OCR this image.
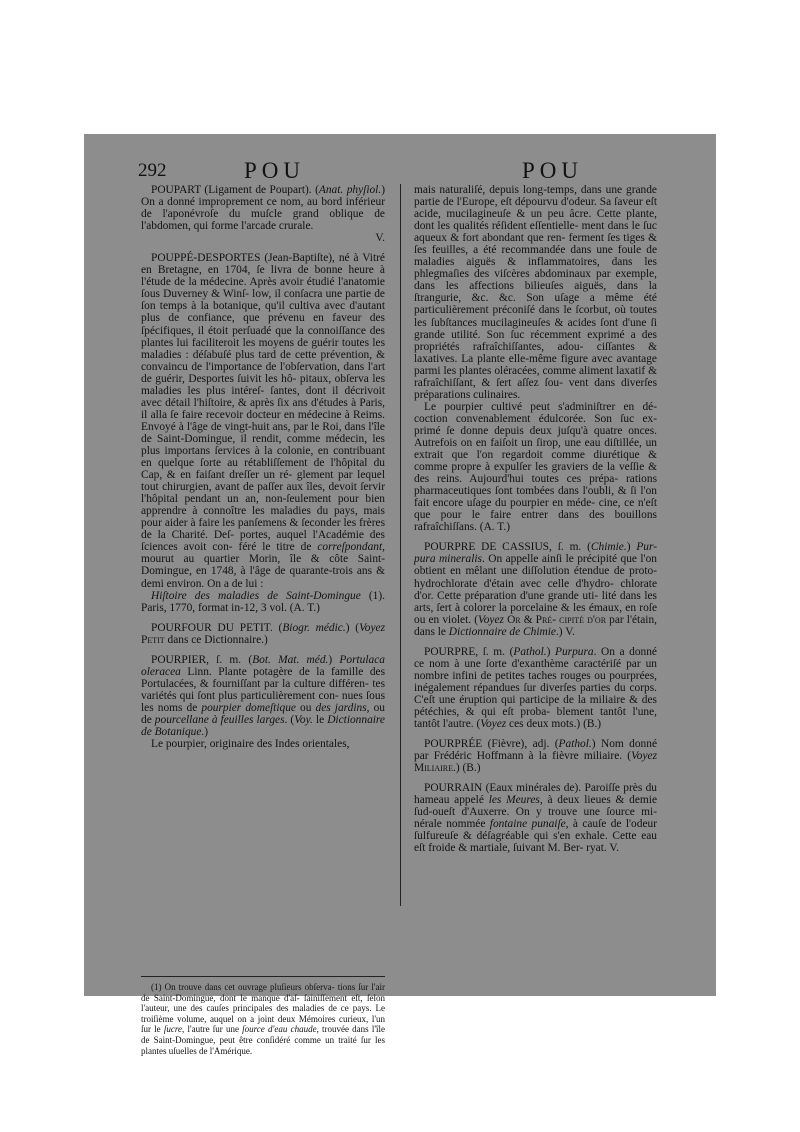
292	POU	POU

POUPART (Ligament de Poupart). (Anat. phyſiol.) On a donné improprement ce nom, au bord inférieur de l'aponévroſe du muſcle grand oblique de l'abdomen, qui forme l'arcade crurale.

V.

POUPPÉ-DESPORTES (Jean-Baptiſte), né à Vitré en Bretagne, en 1704, ſe livra de bonne heure à l'étude de la médecine. Après avoir étudié l'anatomie ſous Duverney & Winſ- low, il conſacra une partie de ſon temps à la botanique, qu'il cultiva avec d'autant plus de confiance, que prévenu en faveur des ſpécifiques, il étoit perſuadé que la connoiſſance des plantes lui faciliteroit les moyens de guérir toutes les maladies : déſabuſé plus tard de cette prévention, & convaincu de l'importance de l'obſervation, dans l'art de guérir, Desportes ſuivit les hô- pitaux, obſerva les maladies les plus intéreſ- ſantes, dont il décrivoit avec détail l'hiſtoire, & après ſix ans d'études à Paris, il alla ſe faire recevoir docteur en médecine à Reims. Envoyé à l'âge de vingt-huit ans, par le Roi, dans l'île de Saint-Domingue, il rendit, comme médecin, les plus importans ſervices à la colonie, en contribuant en quelque ſorte au rétabliſſement de l'hôpital du Cap, & en faiſant dreſſer un ré- glement par lequel tout chirurgien, avant de paſſer aux îles, devoit ſervir l'hôpital pendant un an, non-ſeulement pour bien apprendre à connoître les maladies du pays, mais pour aider à faire les panſemens & ſeconder les frères de la Charité. Deſ- portes, auquel l'Académie des ſciences avoit con- féré le titre de correſpondant, mourut au quartier Morin, île & côte Saint-Domingue, en 1748, à l'âge de quarante-trois ans & demi environ. On a de lui :

Hiſtoire des maladies de Saint-Domingue (1). Paris, 1770, format in-12, 3 vol. (A. T.)

POURFOUR DU PETIT. (Biogr. médic.) (Voyez Petit dans ce Dictionnaire.)

POURPIER, ſ. m. (Bot. Mat. méd.) Portulaca oleracea Linn. Plante potagère de la famille des Portulacées, & fourniſſant par la culture différen- tes variétés qui ſont plus particulièrement con- nues ſous les noms de pourpier domeſtique ou des jardins, ou de pourcellane à feuilles larges. (Voy. le Dictionnaire de Botanique.)

Le pourpier, originaire des Indes orientales,

(1) On trouve dans cet ouvrage pluſieurs obſerva- tions ſur l'air de Saint-Domingue, dont le manque d'aſ- ſainiſſement eſt, ſelon l'auteur, une des cauſes principales des maladies de ce pays. Le troiſième volume, auquel on a joint deux Mémoires curieux, l'un ſur le ſucre, l'autre ſur une ſource d'eau chaude, trouvée dans l'île de Saint-Domingue, peut être conſidéré comme un traité ſur les plantes uſuelles de l'Amérique.

mais naturaliſé, depuis long-temps, dans une grande partie de l'Europe, eſt dépourvu d'odeur. Sa ſaveur eſt acide, mucilagineuſe & un peu âcre. Cette plante, dont les qualités réſident eſſentielle- ment dans le ſuc aqueux & fort abondant que ren- ferment ſes tiges & ſes feuilles, a été recommandée dans une foule de maladies aiguës & inflammatoires, dans les phlegmaſies des viſcères abdominaux par exemple, dans les affections bilieuſes aiguës, dans la ſtrangurie, &c. &c. Son uſage a même été particulièrement préconiſé dans le ſcorbut, où toutes les ſubſtances mucilagineuſes & acides ſont d'une ſi grande utilité. Son ſuc récemment exprimé a des propriétés rafraîchiſſantes, adou- ciſſantes & laxatives. La plante elle-même figure avec avantage parmi les plantes oléracées, comme aliment laxatif & rafraîchiſſant, & ſert aſſez ſou- vent dans diverſes préparations culinaires.

Le pourpier cultivé peut s'adminiſtrer en dé- coction convenablement édulcorée. Son ſuc ex- primé ſe donne depuis deux juſqu'à quatre onces. Autrefois on en faiſoit un ſirop, une eau diſtillée, un extrait que l'on regardoit comme diurétique & comme propre à expulſer les graviers de la veſſie & des reins. Aujourd'hui toutes ces prépa- rations pharmaceutiques ſont tombées dans l'oubli, & ſi l'on fait encore uſage du pourpier en méde- cine, ce n'eſt que pour le faire entrer dans des bouillons rafraîchiſſans. (A. T.)

POURPRE DE CASSIUS, ſ. m. (Chimie.) Pur- pura mineralis. On appelle ainſi le précipité que l'on obtient en mêlant une diſſolution étendue de proto-hydrochlorate d'étain avec celle d'hydro- chlorate d'or. Cette préparation d'une grande uti- lité dans les arts, ſert à colorer la porcelaine & les émaux, en roſe ou en violet. (Voyez Or & Pré- cipité d'or par l'étain, dans le Dictionnaire de Chimie.) V.

POURPRE, ſ. m. (Pathol.) Purpura. On a donné ce nom à une ſorte d'exanthème caractériſé par un nombre infini de petites taches rouges ou pourprées, inégalement répandues ſur diverſes parties du corps. C'eſt une éruption qui participe de la miliaire & des pétéchies, & qui eſt proba- blement tantôt l'une, tantôt l'autre. (Voyez ces deux mots.) (B.)

POURPRÉE (Fièvre), adj. (Pathol.) Nom donné par Frédéric Hoffmann à la fièvre miliaire. (Voyez Miliaire.) (B.)

POURRAIN (Eaux minérales de). Paroiſſe près du hameau appelé les Meures, à deux lieues & demie ſud-oueſt d'Auxerre. On y trouve une ſource mi- nérale nommée fontaine punaiſe, à cauſe de l'odeur ſulfureuſe & déſagréable qui s'en exhale. Cette eau eſt froide & martiale, ſuivant M. Ber- ryat. V.
